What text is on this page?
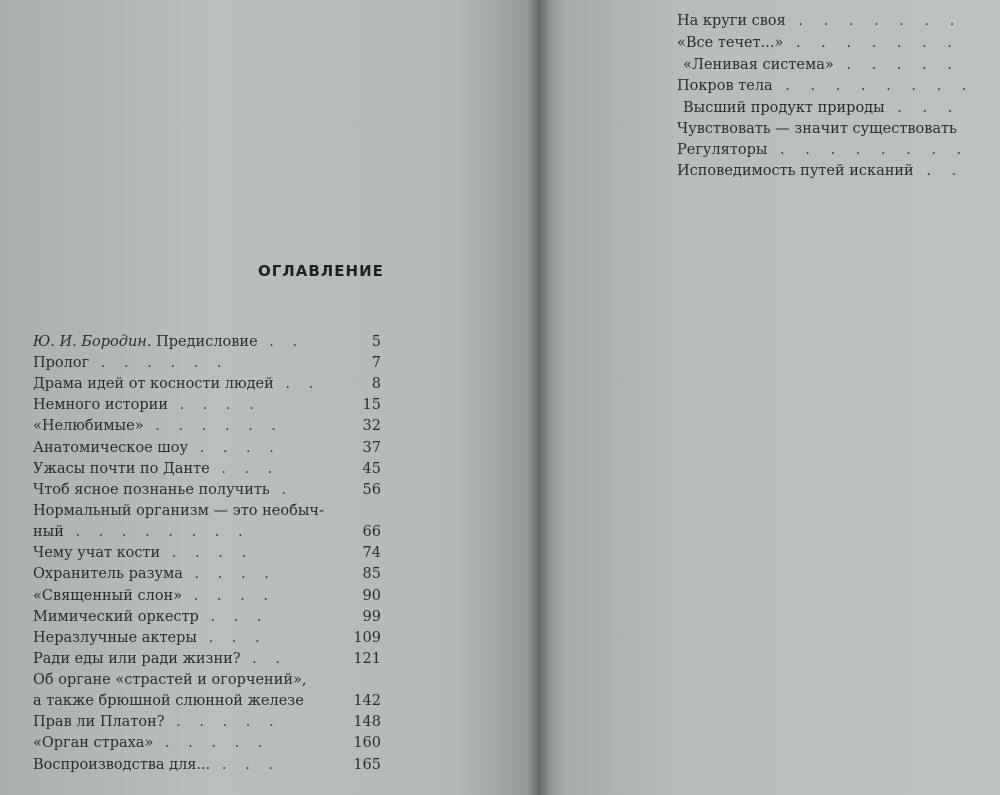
ОГЛАВЛЕНИЕ
Ю. И. Бородин. Предисловие . .	5
Пролог . . . . . .	7
Драма идей от косности людей . .	8
Немного истории . . . .	15
«Нелюбимые» . . . . . .	32
Анатомическое шоу . . . .	37
Ужасы почти по Данте . . .	45
Чтоб ясное познанье получить .	56
Нормальный организм — это необыч-
ный . . . . . . . .	66
Чему учат кости . . . .	74
Охранитель разума . . . .	85
«Священный слон» . . . .	90
Мимический оркестр . . .	99
Неразлучные актеры . . .	109
Ради еды или ради жизни? . .	121
Об органе «страстей и огорчений»,
а также брюшной слюнной железе	142
Прав ли Платон? . . . . .	148
«Орган страха» . . . . .	160
Воспроизводства для... . . .	165
На круги своя . . . . . . .
«Все течет...» . . . . . . .
«Ленивая система» . . . . .
Покров тела . . . . . . . .
Высший продукт природы . . .
Чувствовать — значит существовать
Регуляторы . . . . . . . .
Исповедимость путей исканий . .
